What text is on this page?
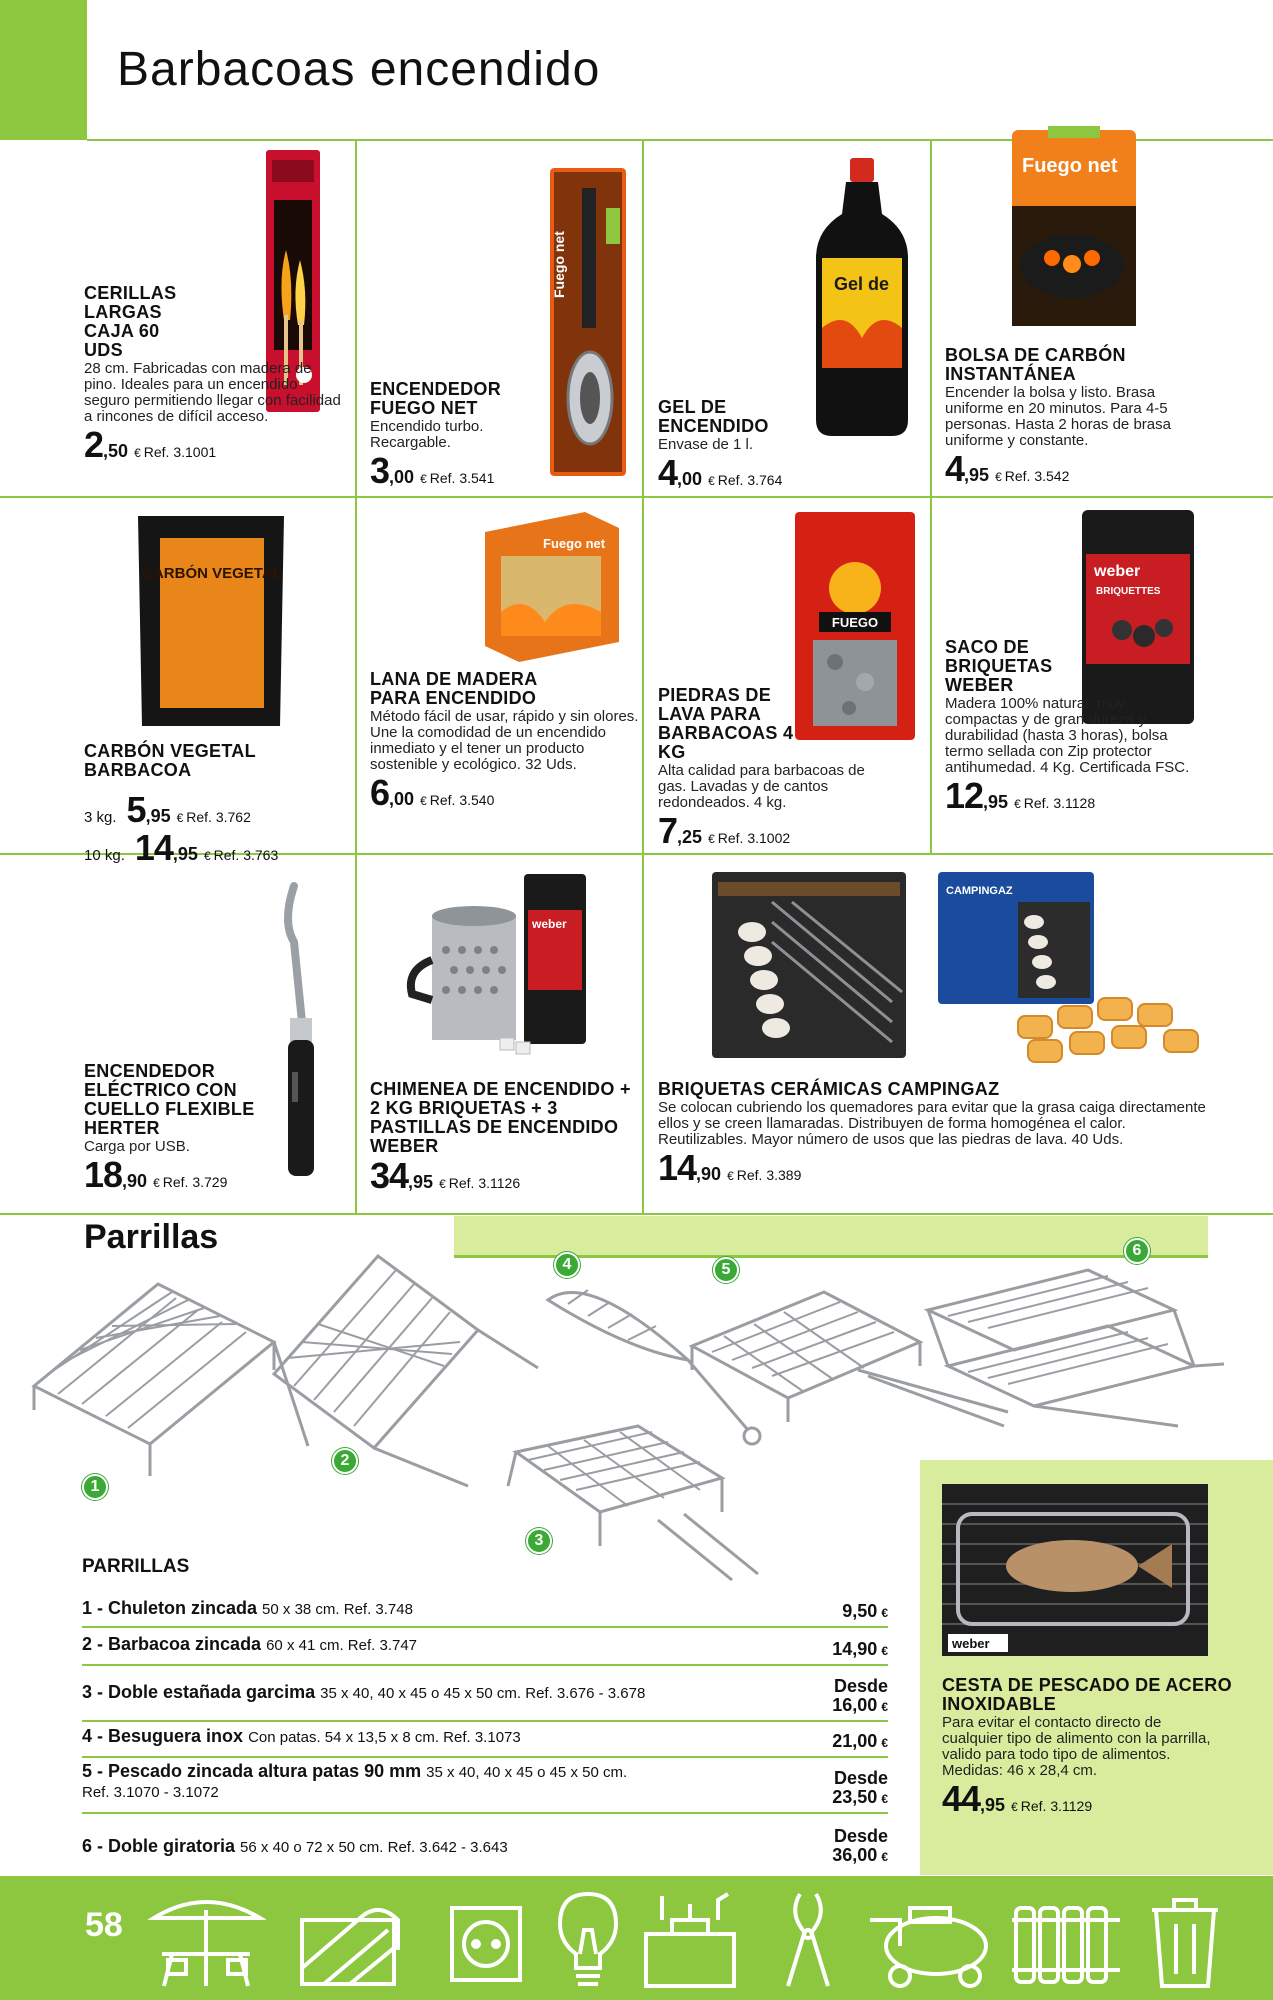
Barbacoas encendido
Fuego net	Gel de
Fuego net
CERILLAS LARGAS CAJA 60 UDS
28 cm. Fabricadas con madera de pino. Ideales para un encendido seguro permitiendo llegar con facilidad a rincones de difícil acceso.
2 ,50 € Ref. 3.1001
ENCENDEDOR FUEGO NET
Encendido turbo. Recargable.
3 ,00 € Ref. 3.541
GEL DE ENCENDIDO
Envase de 1 l.
4 ,00 € Ref. 3.764
BOLSA DE CARBÓN INSTANTÁNEA
Encender la bolsa y listo. Brasa uniforme en 20 minutos. Para 4-5 personas. Hasta 2 horas de brasa uniforme y constante.
4 ,95 € Ref. 3.542
CARBÓN VEGETAL
Fuego net
FUEGO
weber
BRIQUETTES
CARBÓN VEGETAL BARBACOA
3 kg. 5 ,95 € Ref. 3.762
10 kg. 14 ,95 € Ref. 3.763
LANA DE MADERA PARA ENCENDIDO
Método fácil de usar, rápido y sin olores. Une la comodidad de un encendido inmediato y el tener un producto sostenible y ecológico. 32 Uds.
6 ,00 € Ref. 3.540
PIEDRAS DE LAVA PARA BARBACOAS 4 KG
Alta calidad para barbacoas de gas. Lavadas y de cantos redondeados. 4 kg.
7 ,25 € Ref. 3.1002
SACO DE BRIQUETAS WEBER
Madera 100% natural, muy compactas y de gran dureza y durabilidad (hasta 3 horas), bolsa termo sellada con Zip protector antihumedad. 4 Kg. Certificada FSC.
12 ,95 € Ref. 3.1128
weber
CAMPINGAZ
ENCENDEDOR ELÉCTRICO CON CUELLO FLEXIBLE HERTER
Carga por USB.
18 ,90 € Ref. 3.729
CHIMENEA DE ENCENDIDO + 2 KG BRIQUETAS + 3 PASTILLAS DE ENCENDIDO WEBER
34 ,95 € Ref. 3.1126
BRIQUETAS CERÁMICAS CAMPINGAZ
Se colocan cubriendo los quemadores para evitar que la grasa caiga directamente ellos y se creen llamaradas. Distribuyen de forma homogénea el calor. Reutilizables. Mayor número de usos que las piedras de lava. 40 Uds.
14 ,90 € Ref. 3.389
Parrillas
1
2
3
4	5
6
PARRILLAS
1 - Chuleton zincada 50 x 38 cm. Ref. 3.748	9,50 €
2 - Barbacoa zincada 60 x 41 cm. Ref. 3.747	14,90 €
3 - Doble estañada garcima 35 x 40, 40 x 45 o 45 x 50 cm. Ref. 3.676 - 3.678	Desde
16,00 €
4 - Besuguera inox Con patas. 54 x 13,5 x 8 cm. Ref. 3.1073	21,00 €
5 - Pescado zincada altura patas 90 mm 35 x 40, 40 x 45 o 45 x 50 cm.
Ref. 3.1070 - 3.1072
Desde
23,50 €
6 - Doble giratoria 56 x 40 o 72 x 50 cm. Ref. 3.642 - 3.643
Desde
36,00 €
weber
CESTA DE PESCADO DE ACERO INOXIDABLE
Para evitar el contacto directo de cualquier tipo de alimento con la parrilla, valido para todo tipo de alimentos. Medidas: 46 x 28,4 cm.
44 ,95 € Ref. 3.1129
58
